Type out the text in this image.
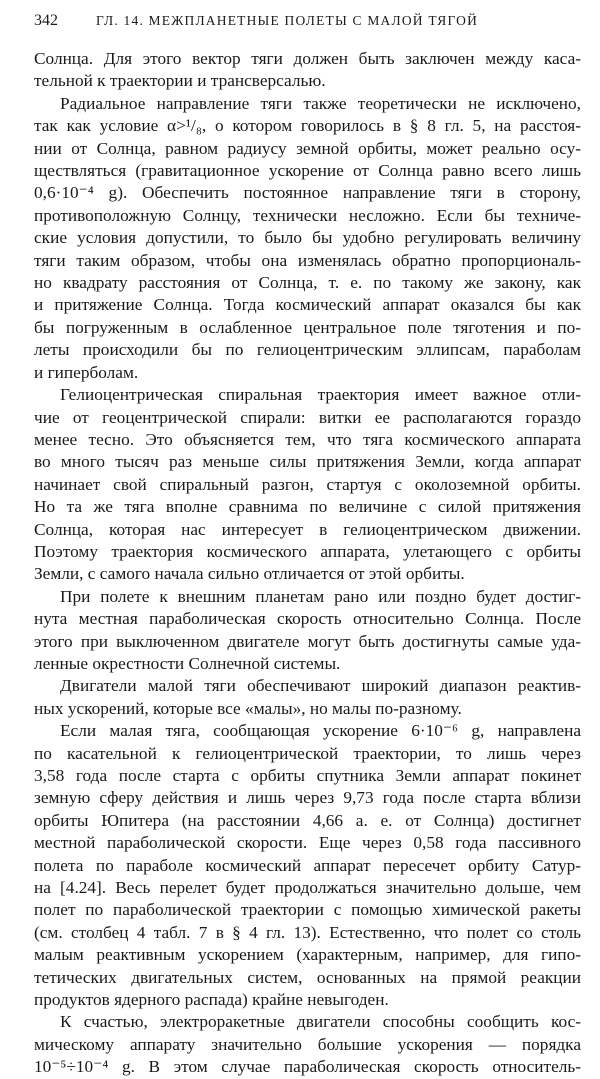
342	ГЛ. 14. МЕЖПЛАНЕТНЫЕ ПОЛЕТЫ С МАЛОЙ ТЯГОЙ
Солнца. Для этого вектор тяги должен быть заключен между каса-
тельной к траектории и трансверсалью.
Радиальное направление тяги также теоретически не исключено,
так как условие α>¹/₈, о котором говорилось в § 8 гл. 5, на расстоя-
нии от Солнца, равном радиусу земной орбиты, может реально осу-
ществляться (гравитационное ускорение от Солнца равно всего лишь
0,6·10⁻⁴ g). Обеспечить постоянное направление тяги в сторону,
противоположную Солнцу, технически несложно. Если бы техниче-
ские условия допустили, то было бы удобно регулировать величину
тяги таким образом, чтобы она изменялась обратно пропорциональ-
но квадрату расстояния от Солнца, т. е. по такому же закону, как
и притяжение Солнца. Тогда космический аппарат оказался бы как
бы погруженным в ослабленное центральное поле тяготения и по-
леты происходили бы по гелиоцентрическим эллипсам, параболам
и гиперболам.
Гелиоцентрическая спиральная траектория имеет важное отли-
чие от геоцентрической спирали: витки ее располагаются гораздо
менее тесно. Это объясняется тем, что тяга космического аппарата
во много тысяч раз меньше силы притяжения Земли, когда аппарат
начинает свой спиральный разгон, стартуя с околоземной орбиты.
Но та же тяга вполне сравнима по величине с силой притяжения
Солнца, которая нас интересует в гелиоцентрическом движении.
Поэтому траектория космического аппарата, улетающего с орбиты
Земли, с самого начала сильно отличается от этой орбиты.
При полете к внешним планетам рано или поздно будет достиг-
нута местная параболическая скорость относительно Солнца. После
этого при выключенном двигателе могут быть достигнуты самые уда-
ленные окрестности Солнечной системы.
Двигатели малой тяги обеспечивают широкий диапазон реактив-
ных ускорений, которые все «малы», но малы по-разному.
Если малая тяга, сообщающая ускорение 6·10⁻⁶ g, направлена
по касательной к гелиоцентрической траектории, то лишь через
3,58 года после старта с орбиты спутника Земли аппарат покинет
земную сферу действия и лишь через 9,73 года после старта вблизи
орбиты Юпитера (на расстоянии 4,66 а. е. от Солнца) достигнет
местной параболической скорости. Еще через 0,58 года пассивного
полета по параболе космический аппарат пересечет орбиту Сатур-
на [4.24]. Весь перелет будет продолжаться значительно дольше, чем
полет по параболической траектории с помощью химической ракеты
(см. столбец 4 табл. 7 в § 4 гл. 13). Естественно, что полет со столь
малым реактивным ускорением (характерным, например, для гипо-
тетических двигательных систем, основанных на прямой реакции
продуктов ядерного распада) крайне невыгоден.
К счастью, электроракетные двигатели способны сообщить кос-
мическому аппарату значительно большие ускорения — порядка
10⁻⁵÷10⁻⁴ g. В этом случае параболическая скорость относитель-
